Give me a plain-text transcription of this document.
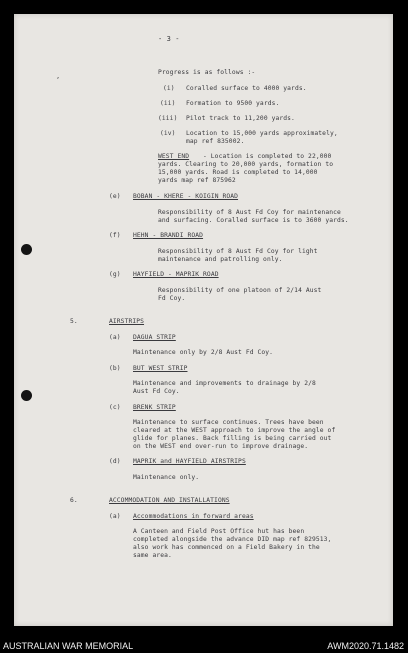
,
- 3 -
Progress is as follows :-
(i) Coralled surface to 4000 yards.
(ii) Formation to 9500 yards.
(iii) Pilot track to 11,200 yards.
(iv) Location to 15,000 yards approximately,
map ref 835002.
WEST END - Location is completed to 22,000
yards. Clearing to 20,000 yards, formation to
15,000 yards. Road is completed to 14,000
yards map ref 875962
(e) BOBAN - KHERE - KOIGIN ROAD
Responsibility of 8 Aust Fd Coy for maintenance
and surfacing. Coralled surface is to 3600 yards.
(f) HEHN - BRANDI ROAD
Responsibility of 8 Aust Fd Coy for light
maintenance and patrolling only.
(g) HAYFIELD - MAPRIK ROAD
Responsibility of one platoon of 2/14 Aust
Fd Coy.
5.	AIRSTRIPS
(a) DAGUA STRIP
Maintenance only by 2/8 Aust Fd Coy.
(b) BUT WEST STRIP
Maintenance and improvements to drainage by 2/8
Aust Fd Coy.
(c) BRENK STRIP
Maintenance to surface continues. Trees have been
cleared at the WEST approach to improve the angle of
glide for planes. Back filling is being carried out
on the WEST end over-run to improve drainage.
(d) MAPRIK and HAYFIELD AIRSTRIPS
Maintenance only.
6.	ACCOMMODATION AND INSTALLATIONS
(a) Accommodations in forward areas
A Canteen and Field Post Office hut has been
completed alongside the advance DID map ref 829513,
also work has commenced on a Field Bakery in the
same area.
AUSTRALIAN WAR MEMORIAL	AWM2020.71.1482
